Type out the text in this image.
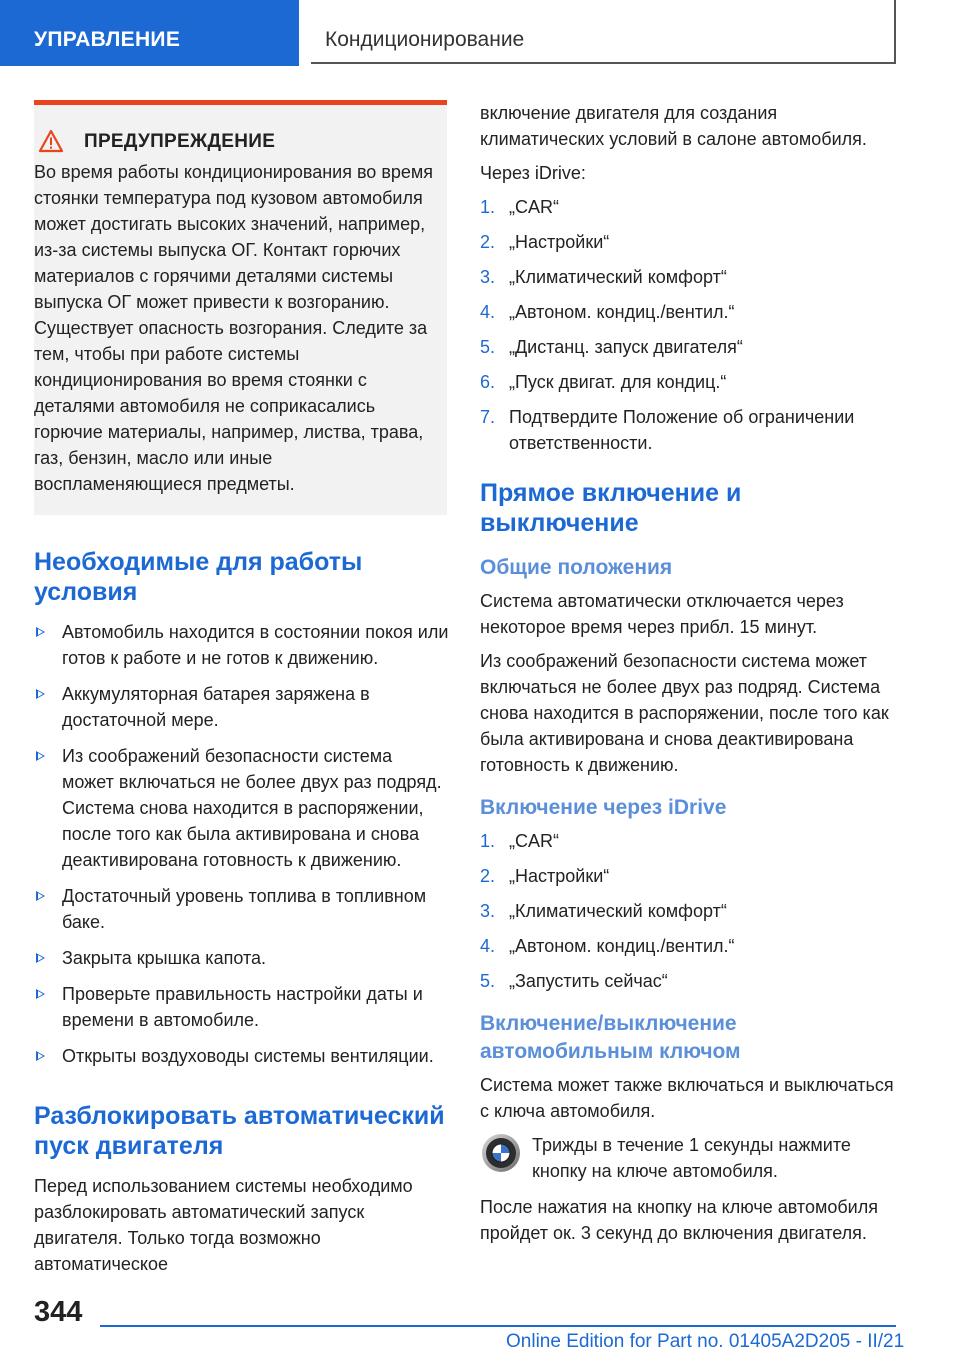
УПРАВЛЕНИЕ	Кондиционирование
ПРЕДУПРЕЖДЕНИЕ
Во время работы кондиционирования во время стоянки температура под кузовом автомобиля может достигать высоких значений, например, из-за системы выпуска ОГ. Контакт горючих материалов с горячими деталями системы выпуска ОГ может привести к возгоранию. Существует опасность возгорания. Следите за тем, чтобы при работе системы кондиционирования во время стоянки с деталями автомобиля не соприкасались горючие материалы, например, листва, трава, газ, бензин, масло или иные воспламеняющиеся предметы.
Необходимые для работы условия
Автомобиль находится в состоянии покоя или готов к работе и не готов к движению.
Аккумуляторная батарея заряжена в достаточной мере.
Из соображений безопасности система может включаться не более двух раз подряд. Система снова находится в распоряжении, после того как была активирована и снова деактивирована готовность к движению.
Достаточный уровень топлива в топливном баке.
Закрыта крышка капота.
Проверьте правильность настройки даты и времени в автомобиле.
Открыты воздуховоды системы вентиляции.
Разблокировать автоматический пуск двигателя

Перед использованием системы необходимо разблокировать автоматический запуск двигателя. Только тогда возможно автоматическое

включение двигателя для создания климатических условий в салоне автомобиля.

Через iDrive:

1. „CAR“
2. „Настройки“
3. „Климатический комфорт“
4. „Автоном. кондиц./вентил.“
5. „Дистанц. запуск двигателя“
6. „Пуск двигат. для кондиц.“
7. Подтвердите Положение об ограничении ответственности.
Прямое включение и выключение
Общие положения

Система автоматически отключается через некоторое время через прибл. 15 минут.

Из соображений безопасности система может включаться не более двух раз подряд. Система снова находится в распоряжении, после того как была активирована и снова деактивирована готовность к движению.

Включение через iDrive
1. „CAR“
2. „Настройки“
3. „Климатический комфорт“
4. „Автоном. кондиц./вентил.“
5. „Запустить сейчас“
Включение/выключение автомобильным ключом

Система может также включаться и выключаться с ключа автомобиля.

Трижды в течение 1 секунды нажмите кнопку на ключе автомобиля.

После нажатия на кнопку на ключе автомобиля пройдет ок. 3 секунд до включения двигателя.

344
Online Edition for Part no. 01405A2D205 - II/21
